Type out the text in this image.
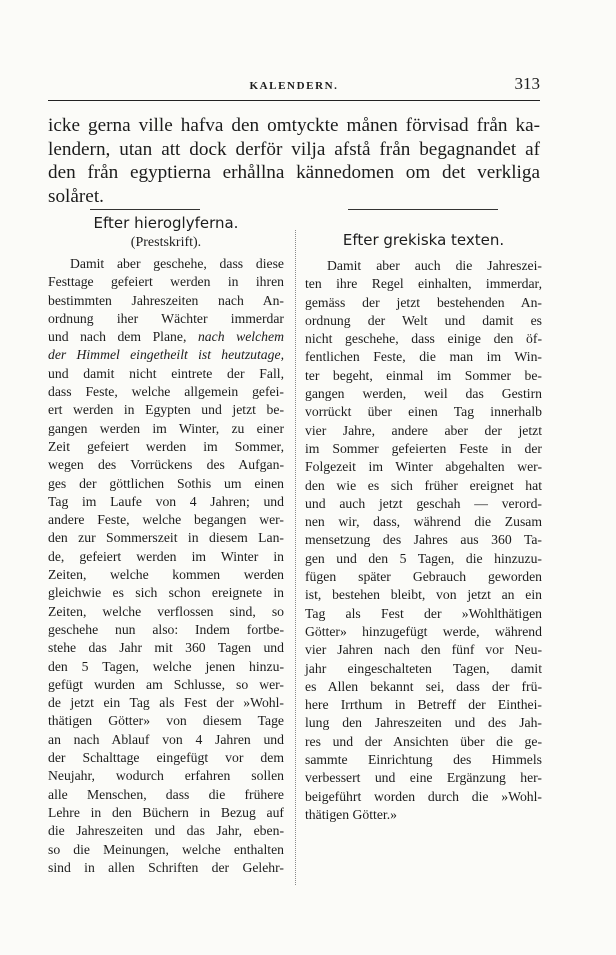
KALENDERN.	313
icke gerna ville hafva den omtyckte månen förvisad från ka-
lendern, utan att dock derför vilja afstå från begagnandet af
den från egyptierna erhållna kännedomen om det verkliga
solåret.
Efter hieroglyferna.
(Prestskrift).	Efter grekiska texten.
Damit aber geschehe, dass diese
Festtage gefeiert werden in ihren
bestimmten Jahreszeiten nach An-
ordnung iher Wächter immerdar
und nach dem Plane, nach welchem
der Himmel eingetheilt ist heutzutage,
und damit nicht eintrete der Fall,
dass Feste, welche allgemein gefei-
ert werden in Egypten und jetzt be-
gangen werden im Winter, zu einer
Zeit gefeiert werden im Sommer,
wegen des Vorrückens des Aufgan-
ges der göttlichen Sothis um einen
Tag im Laufe von 4 Jahren; und
andere Feste, welche begangen wer-
den zur Sommerszeit in diesem Lan-
de, gefeiert werden im Winter in
Zeiten, welche kommen werden
gleichwie es sich schon ereignete in
Zeiten, welche verflossen sind, so
geschehe nun also: Indem fortbe-
stehe das Jahr mit 360 Tagen und
den 5 Tagen, welche jenen hinzu-
gefügt wurden am Schlusse, so wer-
de jetzt ein Tag als Fest der »Wohl-
thätigen Götter» von diesem Tage
an nach Ablauf von 4 Jahren und
der Schalttage eingefügt vor dem
Neujahr, wodurch erfahren sollen
alle Menschen, dass die frühere
Lehre in den Büchern in Bezug auf
die Jahreszeiten und das Jahr, eben-
so die Meinungen, welche enthalten
sind in allen Schriften der Gelehr-
Damit aber auch die Jahreszei-
ten ihre Regel einhalten, immerdar,
gemäss der jetzt bestehenden An-
ordnung der Welt und damit es
nicht geschehe, dass einige den öf-
fentlichen Feste, die man im Win-
ter begeht, einmal im Sommer be-
gangen werden, weil das Gestirn
vorrückt über einen Tag innerhalb
vier Jahre, andere aber der jetzt
im Sommer gefeierten Feste in der
Folgezeit im Winter abgehalten wer-
den wie es sich früher ereignet hat
und auch jetzt geschah — verord-
nen wir, dass, während die Zusam
mensetzung des Jahres aus 360 Ta-
gen und den 5 Tagen, die hinzuzu-
fügen später Gebrauch geworden
ist, bestehen bleibt, von jetzt an ein
Tag als Fest der »Wohlthätigen
Götter» hinzugefügt werde, während
vier Jahren nach den fünf vor Neu-
jahr eingeschalteten Tagen, damit
es Allen bekannt sei, dass der frü-
here Irrthum in Betreff der Einthei-
lung den Jahreszeiten und des Jah-
res und der Ansichten über die ge-
sammte Einrichtung des Himmels
verbessert und eine Ergänzung her-
beigeführt worden durch die »Wohl-
thätigen Götter.»
